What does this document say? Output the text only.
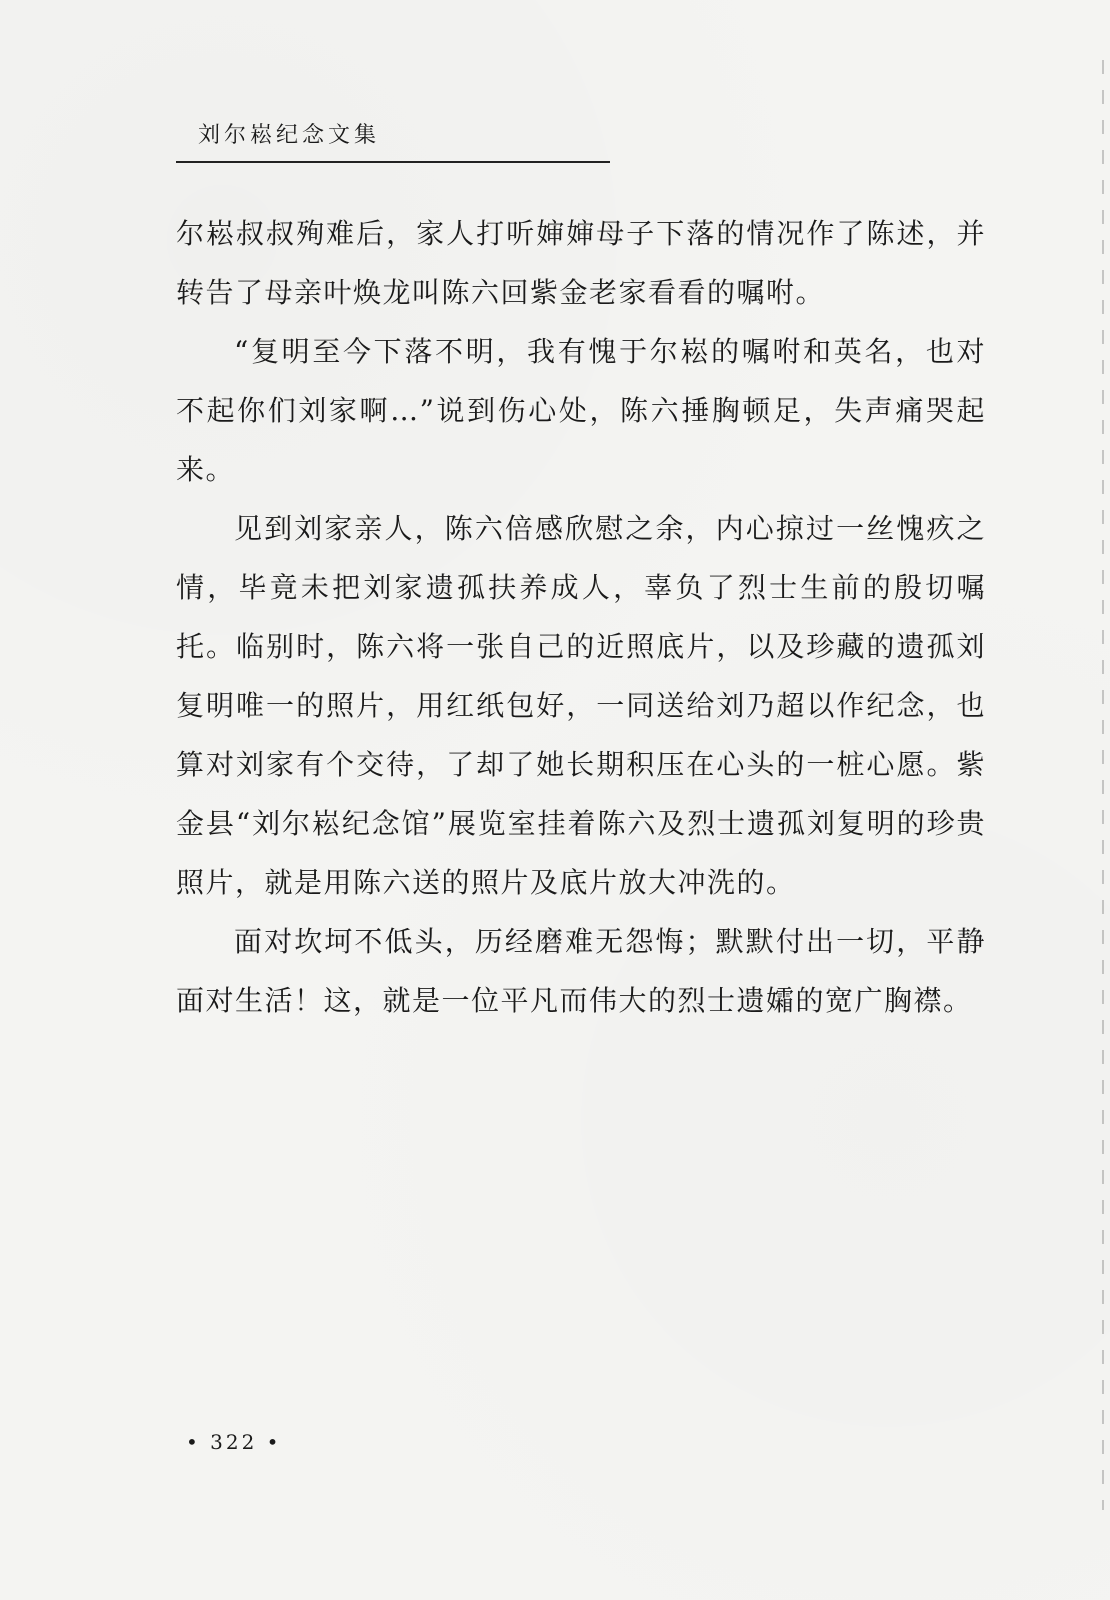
刘尔崧纪念文集

尔崧叔叔殉难后，家人打听婶婶母子下落的情况作了陈述，并转告了母亲叶焕龙叫陈六回紫金老家看看的嘱咐。

“复明至今下落不明，我有愧于尔崧的嘱咐和英名，也对不起你们刘家啊…”说到伤心处，陈六捶胸顿足，失声痛哭起来。

见到刘家亲人，陈六倍感欣慰之余，内心掠过一丝愧疚之情，毕竟未把刘家遗孤扶养成人，辜负了烈士生前的殷切嘱托。临别时，陈六将一张自己的近照底片，以及珍藏的遗孤刘复明唯一的照片，用红纸包好，一同送给刘乃超以作纪念，也算对刘家有个交待，了却了她长期积压在心头的一桩心愿。紫金县“刘尔崧纪念馆”展览室挂着陈六及烈士遗孤刘复明的珍贵照片，就是用陈六送的照片及底片放大冲洗的。

面对坎坷不低头，历经磨难无怨悔；默默付出一切，平静面对生活！这，就是一位平凡而伟大的烈士遗孀的宽广胸襟。

• 322 •
